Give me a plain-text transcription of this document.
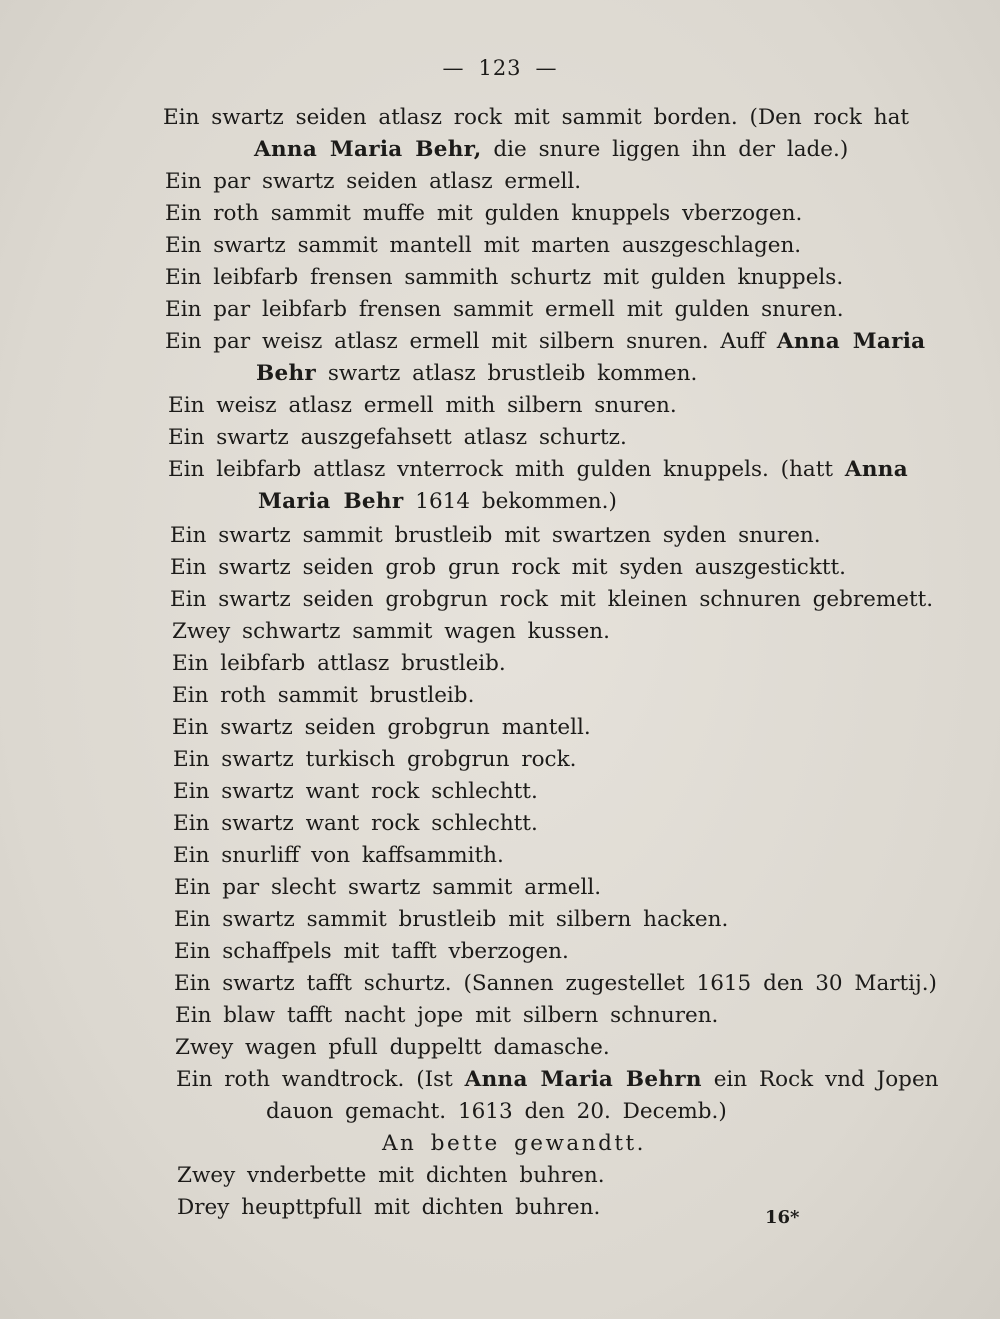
— 123 —
Ein swartz seiden atlasz rock mit sammit borden. (Den rock hat
Anna Maria Behr, die snure liggen ihn der lade.)
Ein par swartz seiden atlasz ermell.
Ein roth sammit muffe mit gulden knuppels vberzogen.
Ein swartz sammit mantell mit marten auszgeschlagen.
Ein leibfarb frensen sammith schurtz mit gulden knuppels.
Ein par leibfarb frensen sammit ermell mit gulden snuren.
Ein par weisz atlasz ermell mit silbern snuren. Auff Anna Maria
Behr swartz atlasz brustleib kommen.
Ein weisz atlasz ermell mith silbern snuren.
Ein swartz auszgefahsett atlasz schurtz.
Ein leibfarb attlasz vnterrock mith gulden knuppels. (hatt Anna
Maria Behr 1614 bekommen.)
Ein swartz sammit brustleib mit swartzen syden snuren.
Ein swartz seiden grob grun rock mit syden auszgesticktt.
Ein swartz seiden grobgrun rock mit kleinen schnuren gebremett.
Zwey schwartz sammit wagen kussen.
Ein leibfarb attlasz brustleib.
Ein roth sammit brustleib.
Ein swartz seiden grobgrun mantell.
Ein swartz turkisch grobgrun rock.
Ein swartz want rock schlechtt.
Ein swartz want rock schlechtt.
Ein snurliff von kaffsammith.
Ein par slecht swartz sammit armell.
Ein swartz sammit brustleib mit silbern hacken.
Ein schaffpels mit tafft vberzogen.
Ein swartz tafft schurtz. (Sannen zugestellet 1615 den 30 Martij.)
Ein blaw tafft nacht jope mit silbern schnuren.
Zwey wagen pfull duppeltt damasche.
Ein roth wandtrock. (Ist Anna Maria Behrn ein Rock vnd Jopen
dauon gemacht. 1613 den 20. Decemb.)
An bette gewandtt.
Zwey vnderbette mit dichten buhren.
Drey heupttpfull mit dichten buhren.	16*
